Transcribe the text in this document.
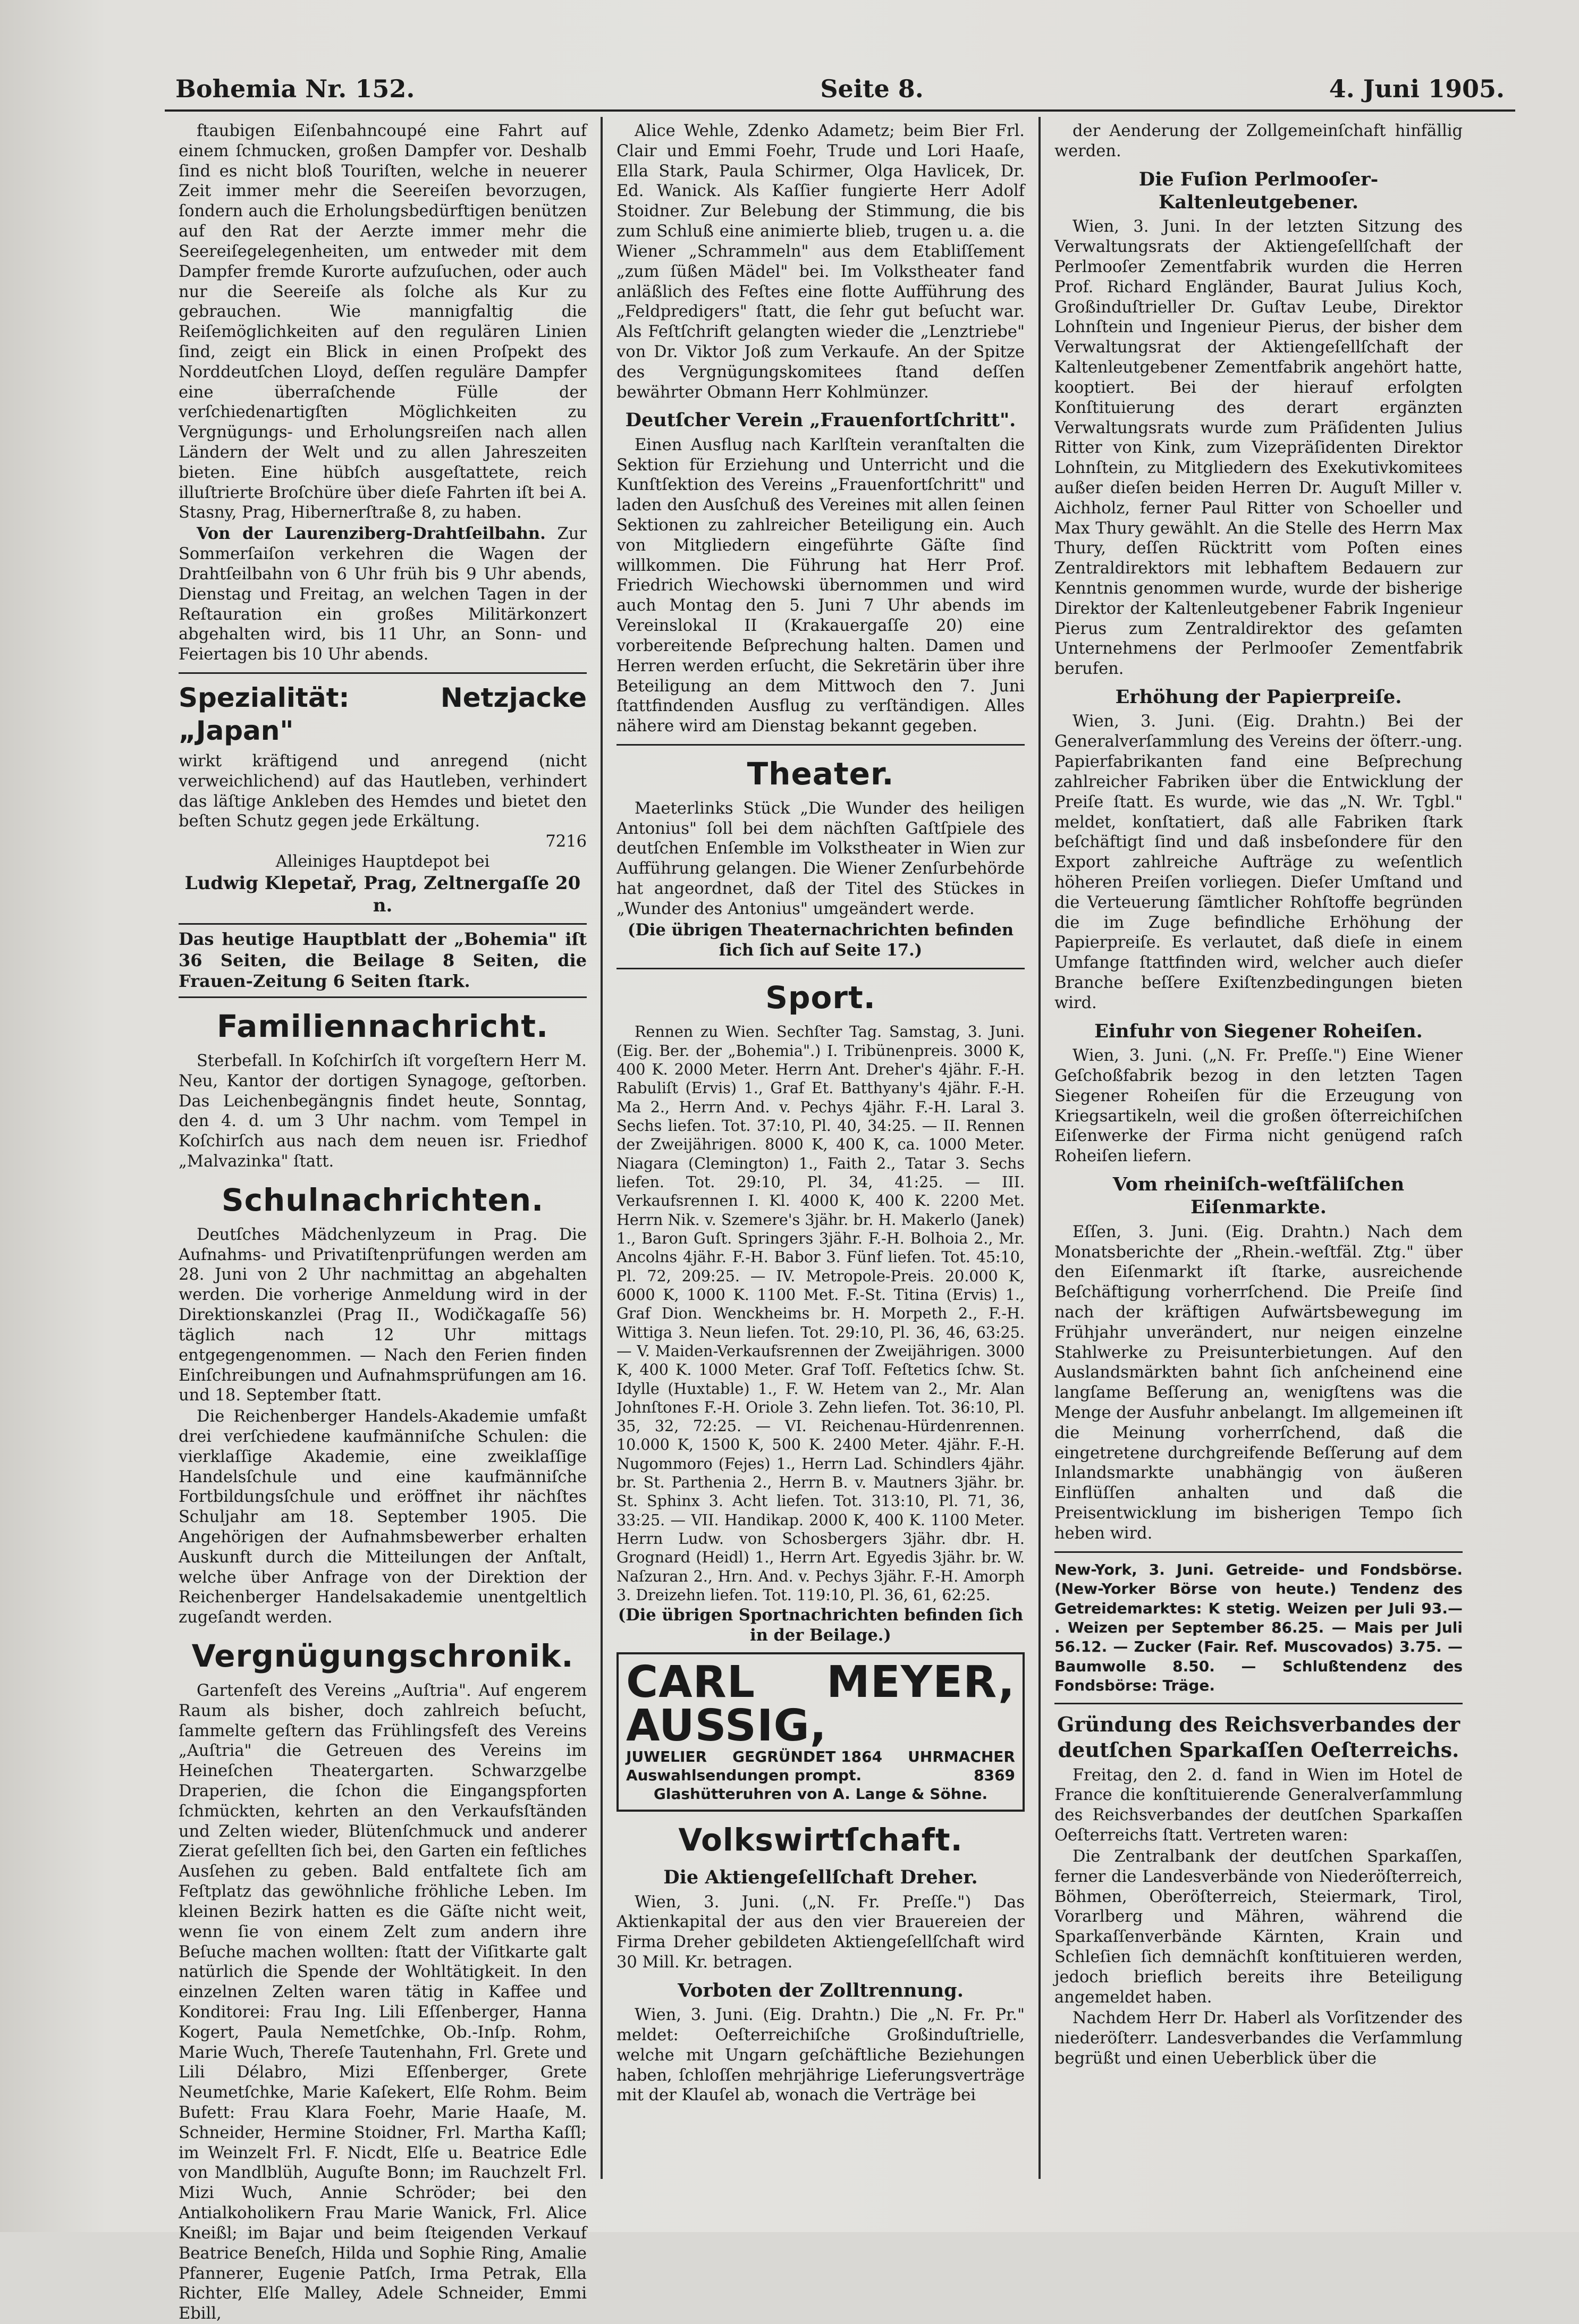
Bohemia Nr. 152.	Seite 8.	4. Juni 1905.

ftaubigen Eiſenbahncoupé eine Fahrt auf einem ſchmucken, großen Dampfer vor. Deshalb ſind es nicht bloß Touriſten, welche in neuerer Zeit immer mehr die Seereiſen bevorzugen, ſondern auch die Erholungsbedürftigen benützen auf den Rat der Aerzte immer mehr die Seereiſegelegenheiten, um entweder mit dem Dampfer fremde Kurorte aufzuſuchen, oder auch nur die Seereiſe als ſolche als Kur zu gebrauchen. Wie mannigfaltig die Reiſemöglichkeiten auf den regulären Linien ſind, zeigt ein Blick in einen Proſpekt des Norddeutſchen Lloyd, deſſen reguläre Dampfer eine überraſchende Fülle der verſchiedenartigſten Möglichkeiten zu Vergnügungs- und Erholungsreiſen nach allen Ländern der Welt und zu allen Jahreszeiten bieten. Eine hübſch ausgeſtattete, reich illuſtrierte Broſchüre über dieſe Fahrten iſt bei A. Stasny, Prag, Hibernerſtraße 8, zu haben.

Von der Laurenziberg-Drahtſeilbahn. Zur Sommerſaiſon verkehren die Wagen der Drahtſeilbahn von 6 Uhr früh bis 9 Uhr abends, Dienstag und Freitag, an welchen Tagen in der Reſtauration ein großes Militärkonzert abgehalten wird, bis 11 Uhr, an Sonn- und Feiertagen bis 10 Uhr abends.

Spezialität: Netzjacke „Japan"
wirkt kräftigend und anregend (nicht verweichlichend) auf das Hautleben, verhindert das läſtige Ankleben des Hemdes und bietet den beſten Schutz gegen jede Erkältung.
7216
Alleiniges Hauptdepot bei
Ludwig Klepetař, Prag, Zeltnergaſſe 20 n.
Das heutige Hauptblatt der „Bohemia" iſt 36 Seiten, die Beilage 8 Seiten, die Frauen-Zeitung 6 Seiten ſtark.
Familiennachricht.

Sterbefall. In Koſchirſch iſt vorgeſtern Herr M. Neu, Kantor der dortigen Synagoge, geſtorben. Das Leichenbegängnis findet heute, Sonntag, den 4. d. um 3 Uhr nachm. vom Tempel in Koſchirſch aus nach dem neuen isr. Friedhof „Malvazinka" ſtatt.

Schulnachrichten.

Deutſches Mädchenlyzeum in Prag. Die Aufnahms- und Privatiſtenprüfungen werden am 28. Juni von 2 Uhr nachmittag an abgehalten werden. Die vorherige Anmeldung wird in der Direktionskanzlei (Prag II., Wodičkagaſſe 56) täglich nach 12 Uhr mittags entgegengenommen. — Nach den Ferien finden Einſchreibungen und Aufnahmsprüfungen am 16. und 18. September ſtatt.

Die Reichenberger Handels-Akademie umfaßt drei verſchiedene kaufmänniſche Schulen: die vierklaſſige Akademie, eine zweiklaſſige Handelsſchule und eine kaufmänniſche Fortbildungsſchule und eröffnet ihr nächſtes Schuljahr am 18. September 1905. Die Angehörigen der Aufnahmsbewerber erhalten Auskunft durch die Mitteilungen der Anſtalt, welche über Anfrage von der Direktion der Reichenberger Handelsakademie unentgeltlich zugeſandt werden.

Vergnügungschronik.

Gartenfeſt des Vereins „Auſtria". Auf engerem Raum als bisher, doch zahlreich beſucht, ſammelte geſtern das Frühlingsfeſt des Vereins „Auſtria" die Getreuen des Vereins im Heineſchen Theatergarten. Schwarzgelbe Draperien, die ſchon die Eingangspforten ſchmückten, kehrten an den Verkaufsſtänden und Zelten wieder, Blütenſchmuck und anderer Zierat geſellten ſich bei, den Garten ein feſtliches Ausſehen zu geben. Bald entfaltete ſich am Feſtplatz das gewöhnliche fröhliche Leben. Im kleinen Bezirk hatten es die Gäſte nicht weit, wenn ſie von einem Zelt zum andern ihre Beſuche machen wollten: ſtatt der Viſitkarte galt natürlich die Spende der Wohltätigkeit. In den einzelnen Zelten waren tätig in Kaffee und Konditorei: Frau Ing. Lili Eſſenberger, Hanna Kogert, Paula Nemetſchke, Ob.-Inſp. Rohm, Marie Wuch, Thereſe Tautenhahn, Frl. Grete und Lili Délabro, Mizi Eſſenberger, Grete Neumetſchke, Marie Kaſekert, Elſe Rohm. Beim Bufett: Frau Klara Foehr, Marie Haaſe, M. Schneider, Hermine Stoidner, Frl. Martha Kaſſl; im Weinzelt Frl. F. Nicdt, Elſe u. Beatrice Edle von Mandlblüh, Auguſte Bonn; im Rauchzelt Frl. Mizi Wuch, Annie Schröder; bei den Antialkoholikern Frau Marie Wanick, Frl. Alice Kneißl; im Bajar und beim ſteigenden Verkauf Beatrice Beneſch, Hilda und Sophie Ring, Amalie Pfannerer, Eugenie Patſch, Irma Petrak, Ella Richter, Elſe Malley, Adele Schneider, Emmi Ebill,

Alice Wehle, Zdenko Adametz; beim Bier Frl. Clair und Emmi Foehr, Trude und Lori Haaſe, Ella Stark, Paula Schirmer, Olga Havlicek, Dr. Ed. Wanick. Als Kaſſier fungierte Herr Adolf Stoidner. Zur Belebung der Stimmung, die bis zum Schluß eine animierte blieb, trugen u. a. die Wiener „Schrammeln" aus dem Etabliſſement „zum ſüßen Mädel" bei. Im Volkstheater fand anläßlich des Feſtes eine flotte Aufführung des „Feldpredigers" ſtatt, die ſehr gut beſucht war. Als Feſtſchrift gelangten wieder die „Lenztriebe" von Dr. Viktor Joß zum Verkaufe. An der Spitze des Vergnügungskomitees ſtand deſſen bewährter Obmann Herr Kohlmünzer.

Deutſcher Verein „Frauenfortſchritt".

Einen Ausflug nach Karlſtein veranſtalten die Sektion für Erziehung und Unterricht und die Kunſtſektion des Vereins „Frauenfortſchritt" und laden den Ausſchuß des Vereines mit allen ſeinen Sektionen zu zahlreicher Beteiligung ein. Auch von Mitgliedern eingeführte Gäſte ſind willkommen. Die Führung hat Herr Prof. Friedrich Wiechowski übernommen und wird auch Montag den 5. Juni 7 Uhr abends im Vereinslokal II (Krakauergaſſe 20) eine vorbereitende Beſprechung halten. Damen und Herren werden erſucht, die Sekretärin über ihre Beteiligung an dem Mittwoch den 7. Juni ſtattfindenden Ausflug zu verſtändigen. Alles nähere wird am Dienstag bekannt gegeben.

Theater.

Maeterlinks Stück „Die Wunder des heiligen Antonius" ſoll bei dem nächſten Gaſtſpiele des deutſchen Enſemble im Volkstheater in Wien zur Aufführung gelangen. Die Wiener Zenſurbehörde hat angeordnet, daß der Titel des Stückes in „Wunder des Antonius" umgeändert werde.

(Die übrigen Theaternachrichten befinden ſich ſich auf Seite 17.)
Sport.

Rennen zu Wien. Sechſter Tag. Samstag, 3. Juni. (Eig. Ber. der „Bohemia".) I. Tribünenpreis. 3000 K, 400 K. 2000 Meter. Herrn Ant. Dreher's 4jähr. F.-H. Rabuliſt (Ervis) 1., Graf Et. Batthyany's 4jähr. F.-H. Ma 2., Herrn And. v. Pechys 4jähr. F.-H. Laral 3. Sechs liefen. Tot. 37:10, Pl. 40, 34:25. — II. Rennen der Zweijährigen. 8000 K, 400 K, ca. 1000 Meter. Niagara (Clemington) 1., Faith 2., Tatar 3. Sechs liefen. Tot. 29:10, Pl. 34, 41:25. — III. Verkaufsrennen I. Kl. 4000 K, 400 K. 2200 Met. Herrn Nik. v. Szemere's 3jähr. br. H. Makerlo (Janek) 1., Baron Guſt. Springers 3jähr. F.-H. Bolhoia 2., Mr. Ancolns 4jähr. F.-H. Babor 3. Fünf liefen. Tot. 45:10, Pl. 72, 209:25. — IV. Metropole-Preis. 20.000 K, 6000 K, 1000 K. 1100 Met. F.-St. Titina (Ervis) 1., Graf Dion. Wenckheims br. H. Morpeth 2., F.-H. Wittiga 3. Neun liefen. Tot. 29:10, Pl. 36, 46, 63:25. — V. Maiden-Verkaufsrennen der Zweijährigen. 3000 K, 400 K. 1000 Meter. Graf Toſſ. Feſtetics ſchw. St. Idylle (Huxtable) 1., F. W. Hetem van 2., Mr. Alan Johnſtones F.-H. Oriole 3. Zehn liefen. Tot. 36:10, Pl. 35, 32, 72:25. — VI. Reichenau-Hürdenrennen. 10.000 K, 1500 K, 500 K. 2400 Meter. 4jähr. F.-H. Nugommoro (Fejes) 1., Herrn Lad. Schindlers 4jähr. br. St. Parthenia 2., Herrn B. v. Mautners 3jähr. br. St. Sphinx 3. Acht liefen. Tot. 313:10, Pl. 71, 36, 33:25. — VII. Handikap. 2000 K, 400 K. 1100 Meter. Herrn Ludw. von Schosbergers 3jähr. dbr. H. Grognard (Heidl) 1., Herrn Art. Egyedis 3jähr. br. W. Naſzuran 2., Hrn. And. v. Pechys 3jähr. F.-H. Amorph 3. Dreizehn liefen. Tot. 119:10, Pl. 36, 61, 62:25.

(Die übrigen Sportnachrichten befinden ſich in der Beilage.)
CARL MEYER, AUSSIG,
JUWELIER GEGRÜNDET 1864 UHRMACHER
Auswahlsendungen prompt.	8369
Glashütteruhren von A. Lange & Söhne.
Volkswirtſchaft.
Die Aktiengeſellſchaft Dreher.

Wien, 3. Juni. („N. Fr. Preſſe.") Das Aktienkapital der aus den vier Brauereien der Firma Dreher gebildeten Aktiengeſellſchaft wird 30 Mill. Kr. betragen.

Vorboten der Zolltrennung.

Wien, 3. Juni. (Eig. Drahtn.) Die „N. Fr. Pr." meldet: Oeſterreichiſche Großinduſtrielle, welche mit Ungarn geſchäftliche Beziehungen haben, ſchloſſen mehrjährige Lieferungsverträge mit der Klauſel ab, wonach die Verträge bei

der Aenderung der Zollgemeinſchaft hinfällig werden.

Die Fuſion Perlmooſer-Kaltenleutgebener.

Wien, 3. Juni. In der letzten Sitzung des Verwaltungsrats der Aktiengeſellſchaft der Perlmooſer Zementfabrik wurden die Herren Prof. Richard Engländer, Baurat Julius Koch, Großinduſtrieller Dr. Guſtav Leube, Direktor Lohnſtein und Ingenieur Pierus, der bisher dem Verwaltungsrat der Aktiengeſellſchaft der Kaltenleutgebener Zementfabrik angehört hatte, kooptiert. Bei der hierauf erfolgten Konſtituierung des derart ergänzten Verwaltungsrats wurde zum Präſidenten Julius Ritter von Kink, zum Vizepräſidenten Direktor Lohnſtein, zu Mitgliedern des Exekutivkomitees außer dieſen beiden Herren Dr. Auguſt Miller v. Aichholz, ferner Paul Ritter von Schoeller und Max Thury gewählt. An die Stelle des Herrn Max Thury, deſſen Rücktritt vom Poſten eines Zentraldirektors mit lebhaftem Bedauern zur Kenntnis genommen wurde, wurde der bisherige Direktor der Kaltenleutgebener Fabrik Ingenieur Pierus zum Zentraldirektor des geſamten Unternehmens der Perlmooſer Zementfabrik berufen.

Erhöhung der Papierpreiſe.

Wien, 3. Juni. (Eig. Drahtn.) Bei der Generalverſammlung des Vereins der öſterr.-ung. Papierfabrikanten fand eine Beſprechung zahlreicher Fabriken über die Entwicklung der Preiſe ſtatt. Es wurde, wie das „N. Wr. Tgbl." meldet, konſtatiert, daß alle Fabriken ſtark beſchäftigt ſind und daß insbeſondere für den Export zahlreiche Aufträge zu weſentlich höheren Preiſen vorliegen. Dieſer Umſtand und die Verteuerung ſämtlicher Rohſtoffe begründen die im Zuge befindliche Erhöhung der Papierpreiſe. Es verlautet, daß dieſe in einem Umfange ſtattfinden wird, welcher auch dieſer Branche beſſere Exiſtenzbedingungen bieten wird.

Einfuhr von Siegener Roheiſen.

Wien, 3. Juni. („N. Fr. Preſſe.") Eine Wiener Geſchoßfabrik bezog in den letzten Tagen Siegener Roheiſen für die Erzeugung von Kriegsartikeln, weil die großen öſterreichiſchen Eiſenwerke der Firma nicht genügend raſch Roheiſen liefern.

Vom rheiniſch-weſtfäliſchen Eiſenmarkte.

Eſſen, 3. Juni. (Eig. Drahtn.) Nach dem Monatsberichte der „Rhein.-weſtfäl. Ztg." über den Eiſenmarkt iſt ſtarke, ausreichende Beſchäftigung vorherrſchend. Die Preiſe ſind nach der kräftigen Aufwärtsbewegung im Frühjahr unverändert, nur neigen einzelne Stahlwerke zu Preisunterbietungen. Auf den Auslandsmärkten bahnt ſich anſcheinend eine langſame Beſſerung an, wenigſtens was die Menge der Ausfuhr anbelangt. Im allgemeinen iſt die Meinung vorherrſchend, daß die eingetretene durchgreifende Beſſerung auf dem Inlandsmarkte unabhängig von äußeren Einflüſſen anhalten und daß die Preisentwicklung im bisherigen Tempo ſich heben wird.

New-York, 3. Juni. Getreide- und Fondsbörse. (New-Yorker Börse von heute.) Tendenz des Getreidemarktes: K stetig. Weizen per Juli 93.— . Weizen per September 86.25. — Mais per Juli 56.12. — Zucker (Fair. Ref. Muscovados) 3.75. — Baumwolle 8.50. — Schlußtendenz des Fondsbörse: Träge.
Gründung des Reichsverbandes der deutſchen Sparkaſſen Oeſterreichs.

Freitag, den 2. d. fand in Wien im Hotel de France die konſtituierende Generalverſammlung des Reichsverbandes der deutſchen Sparkaſſen Oeſterreichs ſtatt. Vertreten waren:

Die Zentralbank der deutſchen Sparkaſſen, ferner die Landesverbände von Niederöſterreich, Böhmen, Oberöſterreich, Steiermark, Tirol, Vorarlberg und Mähren, während die Sparkaſſenverbände Kärnten, Krain und Schleſien ſich demnächſt konſtituieren werden, jedoch brieflich bereits ihre Beteiligung angemeldet haben.

Nachdem Herr Dr. Haberl als Vorſitzender des niederöſterr. Landesverbandes die Verſammlung begrüßt und einen Ueberblick über die
